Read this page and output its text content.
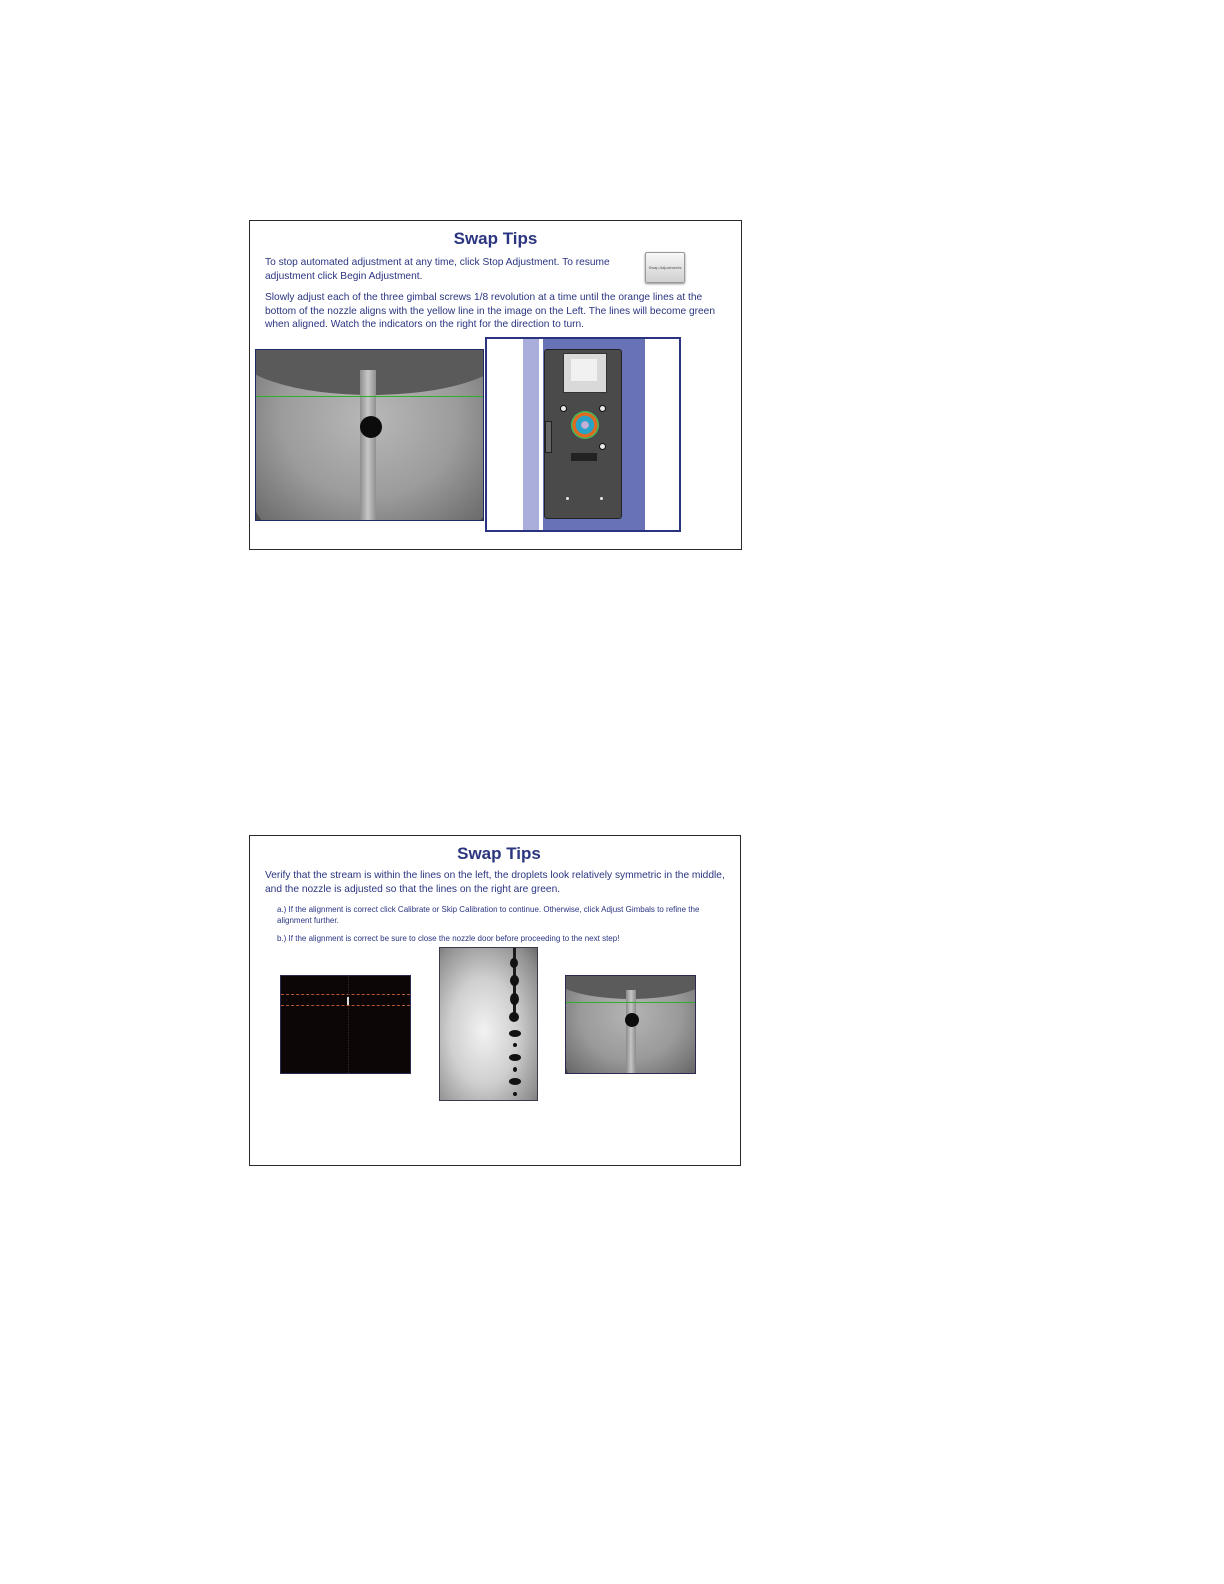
Swap Tips

To stop automated adjustment at any time, click Stop Adjustment. To resume adjustment click Begin Adjustment.

Swap Adjustments

Slowly adjust each of the three gimbal screws 1/8 revolution at a time until the orange lines at the bottom of the nozzle aligns with the yellow line in the image on the Left. The lines will become green when aligned. Watch the indicators on the right for the direction to turn.

Swap Tips

Verify that the stream is within the lines on the left, the droplets look relatively symmetric in the middle, and the nozzle is adjusted so that the lines on the right are green.

a.) If the alignment is correct click Calibrate or Skip Calibration to continue. Otherwise, click Adjust Gimbals to refine the alignment further.

b.) If the alignment is correct be sure to close the nozzle door before proceeding to the next step!
